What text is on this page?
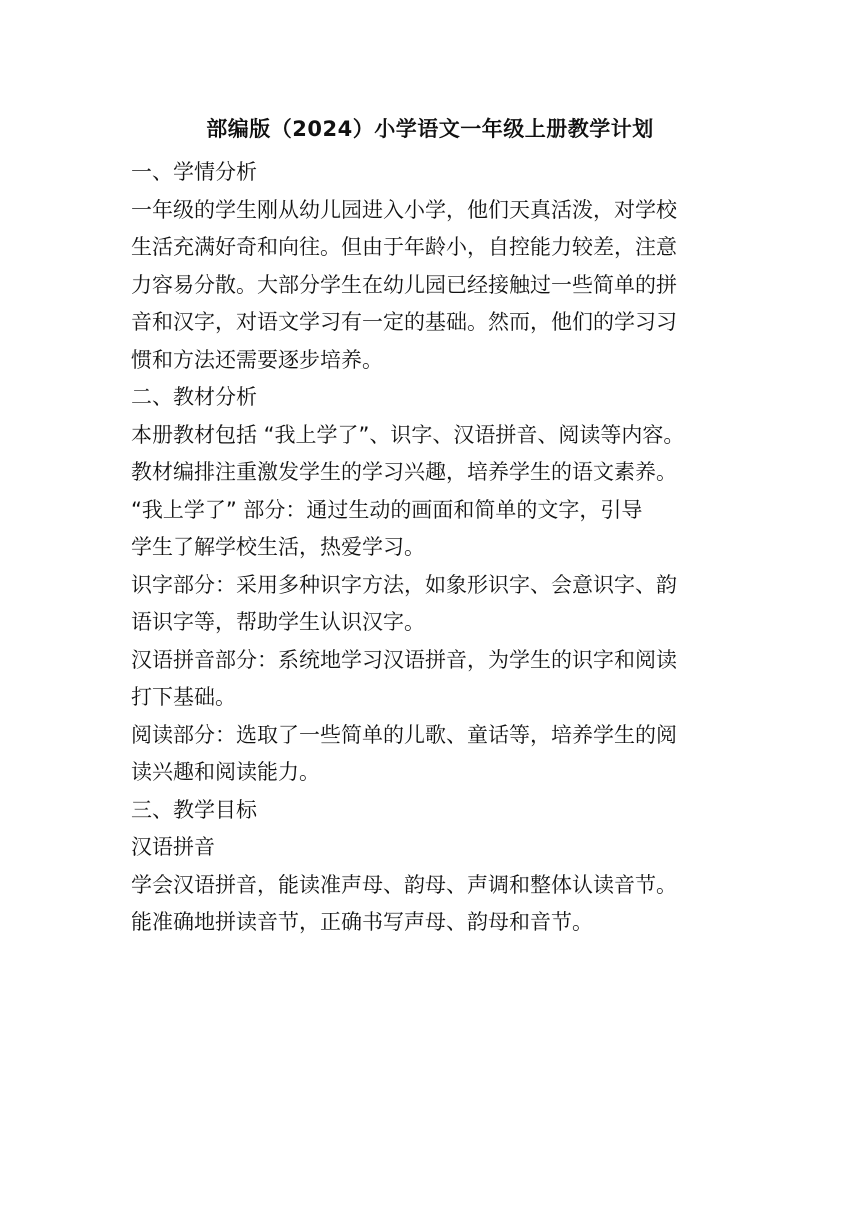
部编版（2024）小学语文一年级上册教学计划
一、学情分析
一年级的学生刚从幼儿园进入小学，他们天真活泼，对学校
生活充满好奇和向往。但由于年龄小，自控能力较差，注意
力容易分散。大部分学生在幼儿园已经接触过一些简单的拼
音和汉字，对语文学习有一定的基础。然而，他们的学习习
惯和方法还需要逐步培养。
二、教材分析
本册教材包括 “我上学了”、识字、汉语拼音、阅读等内容。
教材编排注重激发学生的学习兴趣，培养学生的语文素养。
“我上学了” 部分：通过生动的画面和简单的文字，引导
学生了解学校生活，热爱学习。
识字部分：采用多种识字方法，如象形识字、会意识字、韵
语识字等，帮助学生认识汉字。
汉语拼音部分：系统地学习汉语拼音，为学生的识字和阅读
打下基础。
阅读部分：选取了一些简单的儿歌、童话等，培养学生的阅
读兴趣和阅读能力。
三、教学目标
汉语拼音
学会汉语拼音，能读准声母、韵母、声调和整体认读音节。
能准确地拼读音节，正确书写声母、韵母和音节。
